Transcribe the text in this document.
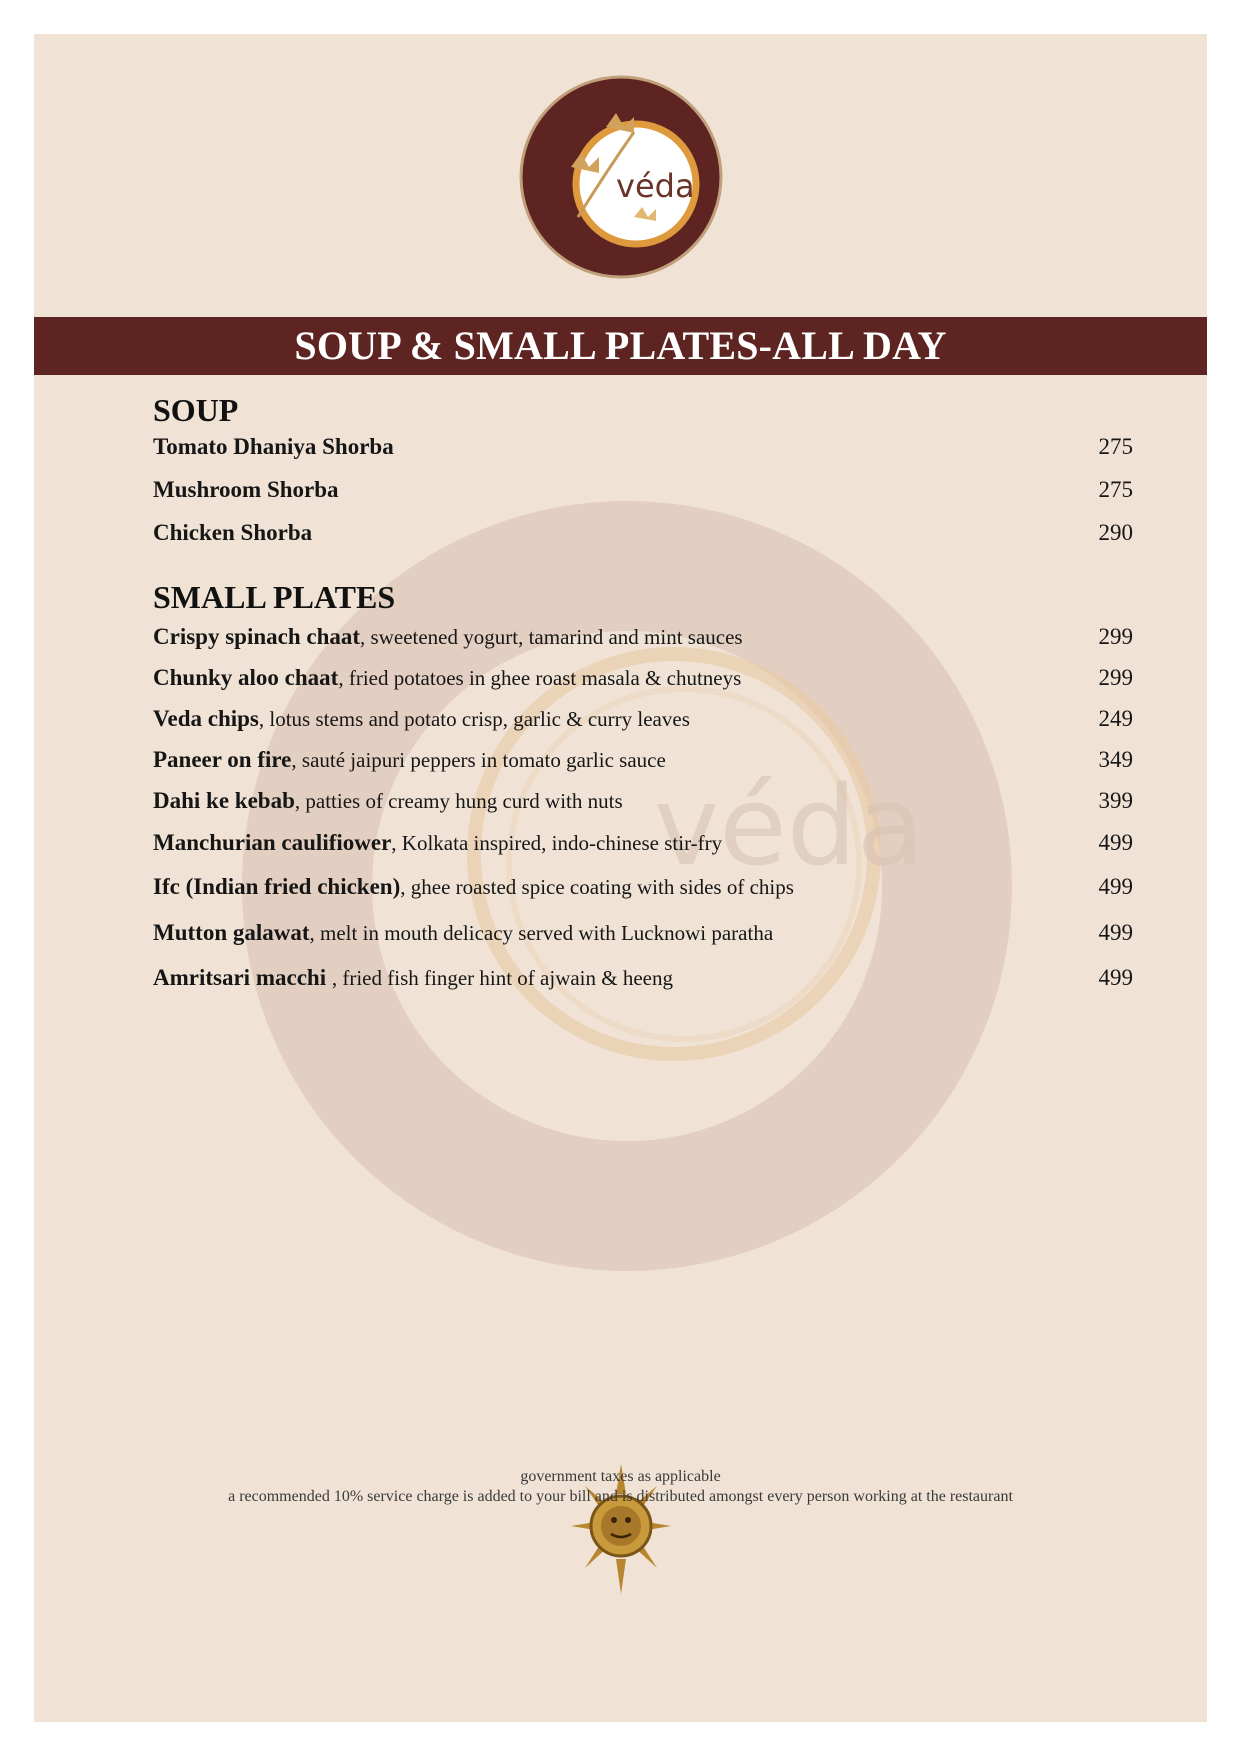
véda
véda
SOUP & SMALL PLATES-ALL DAY
SOUP
Tomato Dhaniya Shorba	275
Mushroom Shorba	275
Chicken Shorba	290
SMALL PLATES
Crispy spinach chaat, sweetened yogurt, tamarind and mint sauces	299
Chunky aloo chaat, fried potatoes in ghee roast masala & chutneys	299
Veda chips, lotus stems and potato crisp, garlic & curry leaves	249
Paneer on fire, sauté jaipuri peppers in tomato garlic sauce	349
Dahi ke kebab, patties of creamy hung curd with nuts	399
Manchurian caulifiower, Kolkata inspired, indo-chinese stir-fry	499
Ifc (Indian fried chicken), ghee roasted spice coating with sides of chips	499
Mutton galawat, melt in mouth delicacy served with Lucknowi paratha	499
Amritsari macchi , fried fish finger hint of ajwain & heeng	499
government taxes as applicable
a recommended 10% service charge is added to your bill and is distributed amongst every person working at the restaurant
